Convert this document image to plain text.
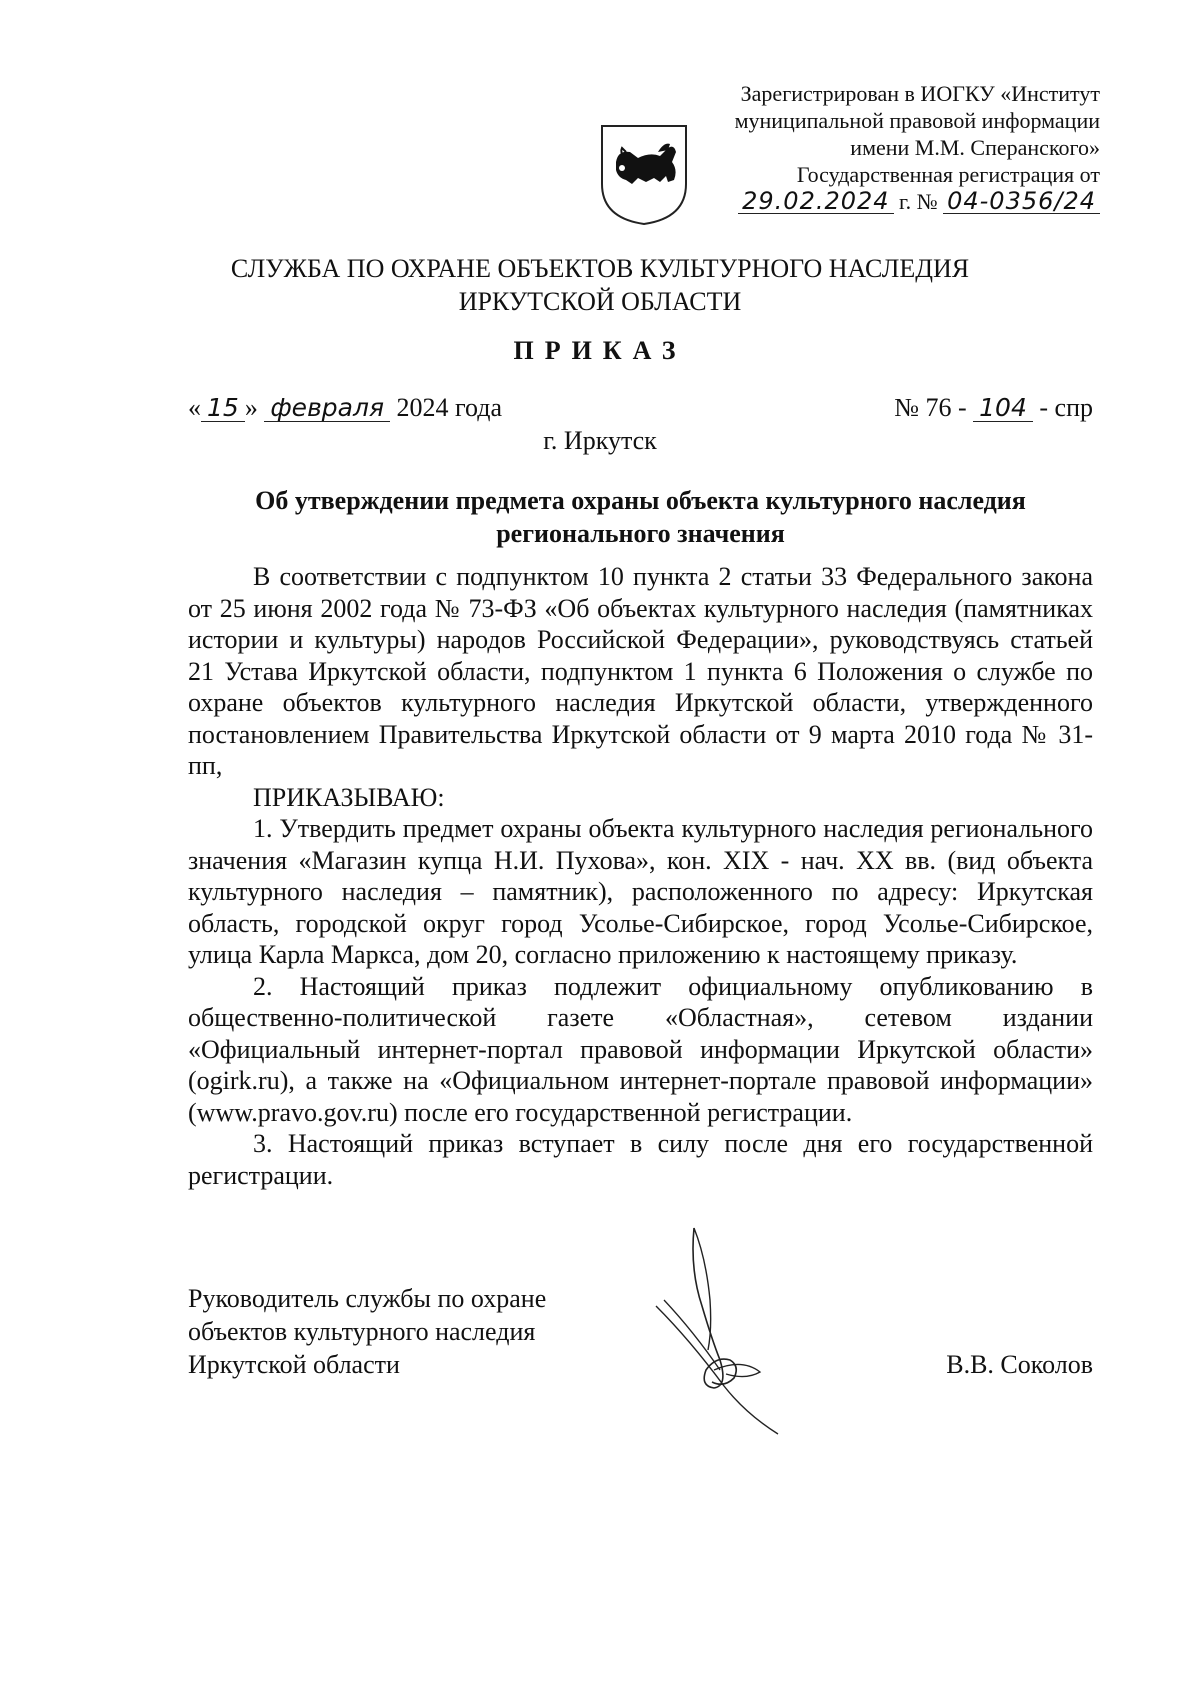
Зарегистрирован в ИОГКУ «Институт
муниципальной правовой информации
имени М.М. Сперанского»
Государственная регистрация от
29.02.2024 г. № 04-0356/24
СЛУЖБА ПО ОХРАНЕ ОБЪЕКТОВ КУЛЬТУРНОГО НАСЛЕДИЯ
ИРКУТСКОЙ ОБЛАСТИ
ПРИКАЗ
« 15 » февраля 2024 года	№ 76 - 104 - спр
г. Иркутск
Об утверждении предмета охраны объекта культурного наследия
регионального значения

В соответствии с подпунктом 10 пункта 2 статьи 33 Федерального закона от 25 июня 2002 года № 73-ФЗ «Об объектах культурного наследия (памятниках истории и культуры) народов Российской Федерации», руководствуясь статьей 21 Устава Иркутской области, подпунктом 1 пункта 6 Положения о службе по охране объектов культурного наследия Иркутской области, утвержденного постановлением Правительства Иркутской области от 9 марта 2010 года № 31-пп,

ПРИКАЗЫВАЮ:

1. Утвердить предмет охраны объекта культурного наследия регионального значения «Магазин купца Н.И. Пухова», кон. XIX - нач. XX вв. (вид объекта культурного наследия – памятник), расположенного по адресу: Иркутская область, городской округ город Усолье-Сибирское, город Усолье-Сибирское, улица Карла Маркса, дом 20, согласно приложению к настоящему приказу.

2. Настоящий приказ подлежит официальному опубликованию в общественно-политической газете «Областная», сетевом издании «Официальный интернет-портал правовой информации Иркутской области» (ogirk.ru), а также на «Официальном интернет-портале правовой информации» (www.pravo.gov.ru) после его государственной регистрации.

3. Настоящий приказ вступает в силу после дня его государственной регистрации.

Руководитель службы по охране
объектов культурного наследия
Иркутской области	В.В. Соколов
